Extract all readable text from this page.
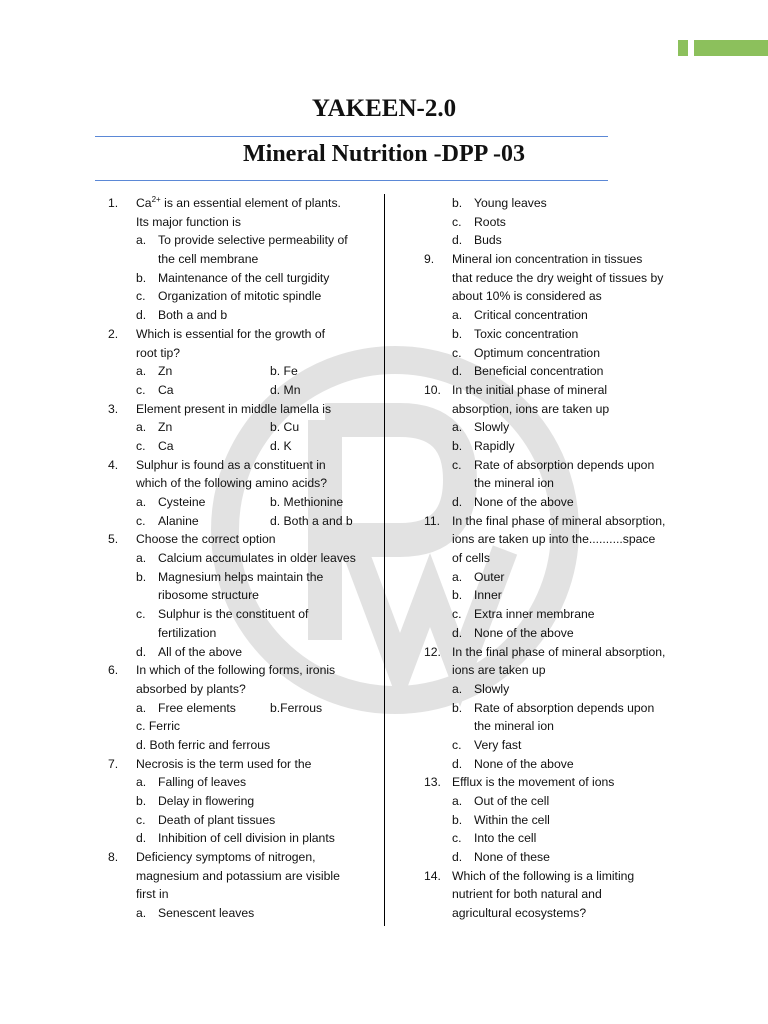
YAKEEN-2.0
Mineral Nutrition -DPP -03
1. $Ca^{2+}$ is an essential element of plants.
Its major function is
a. To provide selective permeability of
the cell membrane
b. Maintenance of the cell turgidity
c. Organization of mitotic spindle
d. Both a and b
2. Which is essential for the growth of
root tip?
a. Zn	b. Fe
c. Ca	d. Mn
3. Element present in middle lamella is
a. Zn	b. Cu
c. Ca	d. K
4. Sulphur is found as a constituent in
which of the following amino acids?
a. Cysteine	b. Methionine
c. Alanine	d. Both a and b
5. Choose the correct option
a. Calcium accumulates in older leaves
b. Magnesium helps maintain the
ribosome structure
c. Sulphur is the constituent of
fertilization
d. All of the above
6. In which of the following forms, ironis
absorbed by plants?
a. Free elements	b.Ferrous
c. Ferric
d. Both ferric and ferrous
7. Necrosis is the term used for the
a. Falling of leaves
b. Delay in flowering
c. Death of plant tissues
d. Inhibition of cell division in plants
8. Deficiency symptoms of nitrogen,
magnesium and potassium are visible
first in
a. Senescent leaves
b. Young leaves
c. Roots
d. Buds
9. Mineral ion concentration in tissues
that reduce the dry weight of tissues by
about 10% is considered as
a. Critical concentration
b. Toxic concentration
c. Optimum concentration
d. Beneficial concentration
10. In the initial phase of mineral
absorption, ions are taken up
a. Slowly
b. Rapidly
c. Rate of absorption depends upon
the mineral ion
d. None of the above
11. In the final phase of mineral absorption,
ions are taken up into the..........space
of cells
a. Outer
b. Inner
c. Extra inner membrane
d. None of the above
12. In the final phase of mineral absorption,
ions are taken up
a. Slowly
b. Rate of absorption depends upon
the mineral ion
c. Very fast
d. None of the above
13. Efflux is the movement of ions
a. Out of the cell
b. Within the cell
c. Into the cell
d. None of these
14. Which of the following is a limiting
nutrient for both natural and
agricultural ecosystems?
